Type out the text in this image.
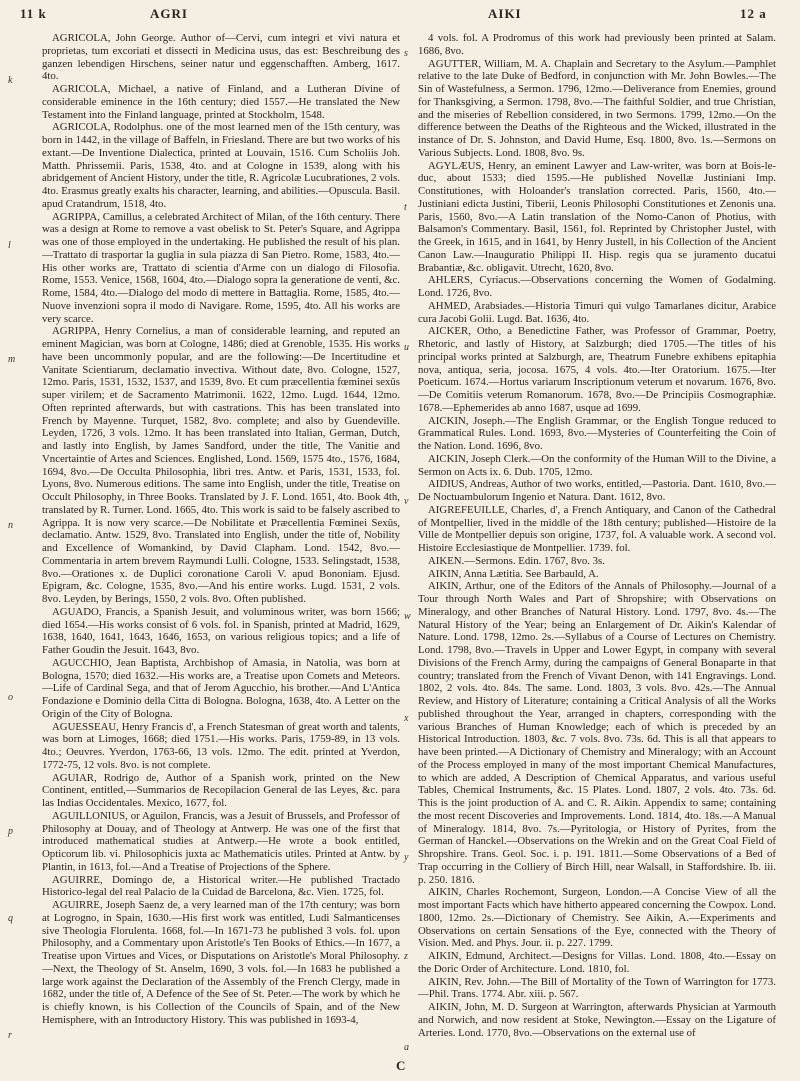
11 k	AGRI	AIKI	12 a

AGRICOLA, John George. Author of—Cervi, cum integri et vivi natura et proprietas, tum excoriati et dissecti in Medicina usus, das est: Beschreibung des ganzen lebendigen Hirschens, seiner natur und eggenschafften. Amberg, 1617. 4to.

AGRICOLA, Michael, a native of Finland, and a Lutheran Divine of considerable eminence in the 16th century; died 1557.—He translated the New Testament into the Finland language, printed at Stockholm, 1548.

AGRICOLA, Rodolphus. one of the most learned men of the 15th century, was born in 1442, in the village of Baffeln, in Friesland. There are but two works of his extant.—De Inventione Dialectica, printed at Louvain, 1516. Cum Scholiis Joh. Matth. Phrissemii. Paris, 1538, 4to. and at Cologne in 1539, along with his abridgement of Ancient History, under the title, R. Agricolæ Lucubrationes, 2 vols. 4to. Erasmus greatly exalts his character, learning, and abilities.—Opuscula. Basil. apud Cratandrum, 1518, 4to.

AGRIPPA, Camillus, a celebrated Architect of Milan, of the 16th century. There was a design at Rome to remove a vast obelisk to St. Peter's Square, and Agrippa was one of those employed in the undertaking. He published the result of his plan.—Trattato di trasportar la guglia in sula piazza di San Pietro. Rome, 1583, 4to.—His other works are, Trattato di scientia d'Arme con un dialogo di Filosofia. Rome, 1553. Venice, 1568, 1604, 4to.—Dialogo sopra la generatione de venti, &c. Rome, 1584, 4to.—Dialogo del modo di mettere in Battaglia. Rome, 1585, 4to.—Nuove invenzioni sopra il modo di Navigare. Rome, 1595, 4to. All his works are very scarce.

AGRIPPA, Henry Cornelius, a man of considerable learning, and reputed an eminent Magician, was born at Cologne, 1486; died at Grenoble, 1535. His works have been uncommonly popular, and are the following:—De Incertitudine et Vanitate Scientiarum, declamatio invectiva. Without date, 8vo. Cologne, 1527, 12mo. Paris, 1531, 1532, 1537, and 1539, 8vo. Et cum præcellentia fœminei sexûs super virilem; et de Sacramento Matrimonii. 1622, 12mo. Lugd. 1644, 12mo. Often reprinted afterwards, but with castrations. This has been translated into French by Mayenne. Turquet, 1582, 8vo. complete; and also by Guendeville. Leyden, 1726, 3 vols. 12mo. It has been translated into Italian, German, Dutch, and lastly into English, by James Sandford, under the title, The Vanitie and Vncertaintie of Artes and Sciences. Englished, Lond. 1569, 1575 4to., 1576, 1684, 1694, 8vo.—De Occulta Philosophia, libri tres. Antw. et Paris, 1531, 1533, fol. Lyons, 8vo. Numerous editions. The same into English, under the title, Treatise on Occult Philosophy, in Three Books. Translated by J. F. Lond. 1651, 4to. Book 4th, translated by R. Turner. Lond. 1665, 4to. This work is said to be falsely ascribed to Agrippa. It is now very scarce.—De Nobilitate et Præcellentia Fœminei Sexûs, declamatio. Antw. 1529, 8vo. Translated into English, under the title of, Nobility and Excellence of Womankind, by David Clapham. Lond. 1542, 8vo.—Commentaria in artem brevem Raymundi Lulli. Cologne, 1533. Selingstadt, 1538, 8vo.—Orationes x. de Duplici coronatione Caroli V. apud Bononiam. Ejusd. Epigram, &c. Cologne, 1535, 8vo.—And his entire works. Lugd. 1531, 2 vols. 8vo. Leyden, by Berings, 1550, 2 vols. 8vo. Often published.

AGUADO, Francis, a Spanish Jesuit, and voluminous writer, was born 1566; died 1654.—His works consist of 6 vols. fol. in Spanish, printed at Madrid, 1629, 1638, 1640, 1641, 1643, 1646, 1653, on various religious topics; and a life of Father Goudin the Jesuit. 1643, 8vo.

AGUCCHIO, Jean Baptista, Archbishop of Amasia, in Natolia, was born at Bologna, 1570; died 1632.—His works are, a Treatise upon Comets and Meteors.—Life of Cardinal Sega, and that of Jerom Agucchio, his brother.—And L'Antica Fondazione e Dominio della Citta di Bologna. Bologna, 1638, 4to. A Letter on the Origin of the City of Bologna.

AGUESSEAU, Henry Francis d', a French Statesman of great worth and talents, was born at Limoges, 1668; died 1751.—His works. Paris, 1759-89, in 13 vols. 4to.; Oeuvres. Yverdon, 1763-66, 13 vols. 12mo. The edit. printed at Yverdon, 1772-75, 12 vols. 8vo. is not complete.

AGUIAR, Rodrigo de, Author of a Spanish work, printed on the New Continent, entitled,—Summarios de Recopilacion General de las Leyes, &c. para las Indias Occidentales. Mexico, 1677, fol.

AGUILLONIUS, or Aguilon, Francis, was a Jesuit of Brussels, and Professor of Philosophy at Douay, and of Theology at Antwerp. He was one of the first that introduced mathematical studies at Antwerp.—He wrote a book entitled, Opticorum lib. vi. Philosophicis juxta ac Mathematicis utiles. Printed at Antw. by Plantin, in 1613, fol.—And a Treatise of Projections of the Sphere.

AGUIRRE, Domingo de, a Historical writer.—He published Tractado Historico-legal del real Palacio de la Cuidad de Barcelona, &c. Vien. 1725, fol.

AGUIRRE, Joseph Saenz de, a very learned man of the 17th century; was born at Logrogno, in Spain, 1630.—His first work was entitled, Ludi Salmanticenses sive Theologia Florulenta. 1668, fol.—In 1671-73 he published 3 vols. fol. upon Philosophy, and a Commentary upon Aristotle's Ten Books of Ethics.—In 1677, a Treatise upon Virtues and Vices, or Disputations on Aristotle's Moral Philosophy.—Next, the Theology of St. Anselm, 1690, 3 vols. fol.—In 1683 he published a large work against the Declaration of the Assembly of the French Clergy, made in 1682, under the title of, A Defence of the See of St. Peter.—The work by which he is chiefly known, is his Collection of the Councils of Spain, and of the New Hemisphere, with an Introductory History. This was published in 1693-4,

4 vols. fol. A Prodromus of this work had previously been printed at Salam. 1686, 8vo.

AGUTTER, William, M. A. Chaplain and Secretary to the Asylum.—Pamphlet relative to the late Duke of Bedford, in conjunction with Mr. John Bowles.—The Sin of Wastefulness, a Sermon. 1796, 12mo.—Deliverance from Enemies, ground for Thanksgiving, a Sermon. 1798, 8vo.—The faithful Soldier, and true Christian, and the miseries of Rebellion considered, in two Sermons. 1799, 12mo.—On the difference between the Deaths of the Righteous and the Wicked, illustrated in the instance of Dr. S. Johnston, and David Hume, Esq. 1800, 8vo. 1s.—Sermons on Various Subjects. Lond. 1808, 8vo. 9s.

AGYLÆUS, Henry, an eminent Lawyer and Law-writer, was born at Bois-le-duc, about 1533; died 1595.—He published Novellæ Justiniani Imp. Constitutiones, with Holoander's translation corrected. Paris, 1560, 4to.—Justiniani edicta Justini, Tiberii, Leonis Philosophi Constitutiones et Zenonis una. Paris, 1560, 8vo.—A Latin translation of the Nomo-Canon of Photius, with Balsamon's Commentary. Basil, 1561, fol. Reprinted by Christopher Justel, with the Greek, in 1615, and in 1641, by Henry Justell, in his Collection of the Ancient Canon Law.—Inauguratio Philippi II. Hisp. regis qua se juramento ducatui Brabantiæ, &c. obligavit. Utrecht, 1620, 8vo.

AHLERS, Cyriacus.—Observations concerning the Women of Godalming. Lond. 1726, 8vo.

AHMED, Arabsiades.—Historia Timuri qui vulgo Tamarlanes dicitur, Arabice cura Jacobi Golii. Lugd. Bat. 1636, 4to.

AICKER, Otho, a Benedictine Father, was Professor of Grammar, Poetry, Rhetoric, and lastly of History, at Salzburgh; died 1705.—The titles of his principal works printed at Salzburgh, are, Theatrum Funebre exhibens epitaphia nova, antiqua, seria, jocosa. 1675, 4 vols. 4to.—Iter Oratorium. 1675.—Iter Poeticum. 1674.—Hortus variarum Inscriptionum veterum et novarum. 1676, 8vo.—De Comitiis veterum Romanorum. 1678, 8vo.—De Principiis Cosmographiæ. 1678.—Ephemerides ab anno 1687, usque ad 1699.

AICKIN, Joseph.—The English Grammar, or the English Tongue reduced to Grammatical Rules. Lond. 1693, 8vo.—Mysteries of Counterfeiting the Coin of the Nation. Lond. 1696, 8vo.

AICKIN, Joseph Clerk.—On the conformity of the Human Will to the Divine, a Sermon on Acts ix. 6. Dub. 1705, 12mo.

AIDIUS, Andreas, Author of two works, entitled,—Pastoria. Dant. 1610, 8vo.—De Noctuambulorum Ingenio et Natura. Dant. 1612, 8vo.

AIGREFEUILLE, Charles, d', a French Antiquary, and Canon of the Cathedral of Montpellier, lived in the middle of the 18th century; published—Histoire de la Ville de Montpellier depuis son origine, 1737, fol. A valuable work. A second vol. Histoire Ecclesiastique de Montpellier. 1739. fol.

AIKEN.—Sermons. Edin. 1767, 8vo. 3s.

AIKIN, Anna Lætitia. See Barbauld, A.

AIKIN, Arthur, one of the Editors of the Annals of Philosophy.—Journal of a Tour through North Wales and Part of Shropshire; with Observations on Mineralogy, and other Branches of Natural History. Lond. 1797, 8vo. 4s.—The Natural History of the Year; being an Enlargement of Dr. Aikin's Kalendar of Nature. Lond. 1798, 12mo. 2s.—Syllabus of a Course of Lectures on Chemistry. Lond. 1798, 8vo.—Travels in Upper and Lower Egypt, in company with several Divisions of the French Army, during the campaigns of General Bonaparte in that country; translated from the French of Vivant Denon, with 141 Engravings. Lond. 1802, 2 vols. 4to. 84s. The same. Lond. 1803, 3 vols. 8vo. 42s.—The Annual Review, and History of Literature; containing a Critical Analysis of all the Works published throughout the Year, arranged in chapters, corresponding with the various Branches of Human Knowledge; each of which is preceded by an Historical Introduction. 1803, &c. 7 vols. 8vo. 73s. 6d. This is all that appears to have been printed.—A Dictionary of Chemistry and Mineralogy; with an Account of the Process employed in many of the most important Chemical Manufactures, to which are added, A Description of Chemical Apparatus, and various useful Tables, Chemical Instruments, &c. 15 Plates. Lond. 1807, 2 vols. 4to. 73s. 6d. This is the joint production of A. and C. R. Aikin. Appendix to same; containing the most recent Discoveries and Improvements. Lond. 1814, 4to. 18s.—A Manual of Mineralogy. 1814, 8vo. 7s.—Pyritologia, or History of Pyrites, from the German of Hanckel.—Observations on the Wrekin and on the Great Coal Field of Shropshire. Trans. Geol. Soc. i. p. 191. 1811.—Some Observations of a Bed of Trap occurring in the Colliery of Birch Hill, near Walsall, in Staffordshire. Ib. iii. p. 250. 1816.

AIKIN, Charles Rochemont, Surgeon, London.—A Concise View of all the most important Facts which have hitherto appeared concerning the Cowpox. Lond. 1800, 12mo. 2s.—Dictionary of Chemistry. See Aikin, A.—Experiments and Observations on certain Sensations of the Eye, connected with the Theory of Vision. Med. and Phys. Jour. ii. p. 227. 1799.

AIKIN, Edmund, Architect.—Designs for Villas. Lond. 1808, 4to.—Essay on the Doric Order of Architecture. Lond. 1810, fol.

AIKIN, Rev. John.—The Bill of Mortality of the Town of Warrington for 1773.—Phil. Trans. 1774. Abr. xiii. p. 567.

AIKIN, John, M. D. Surgeon at Warrington, afterwards Physician at Yarmouth and Norwich, and now resident at Stoke, Newington.—Essay on the Ligature of Arteries. Lond. 1770, 8vo.—Observations on the external use of

k
l
m
n
o
p
q
r
s
t
u
v
w
x
y
z
a
C
